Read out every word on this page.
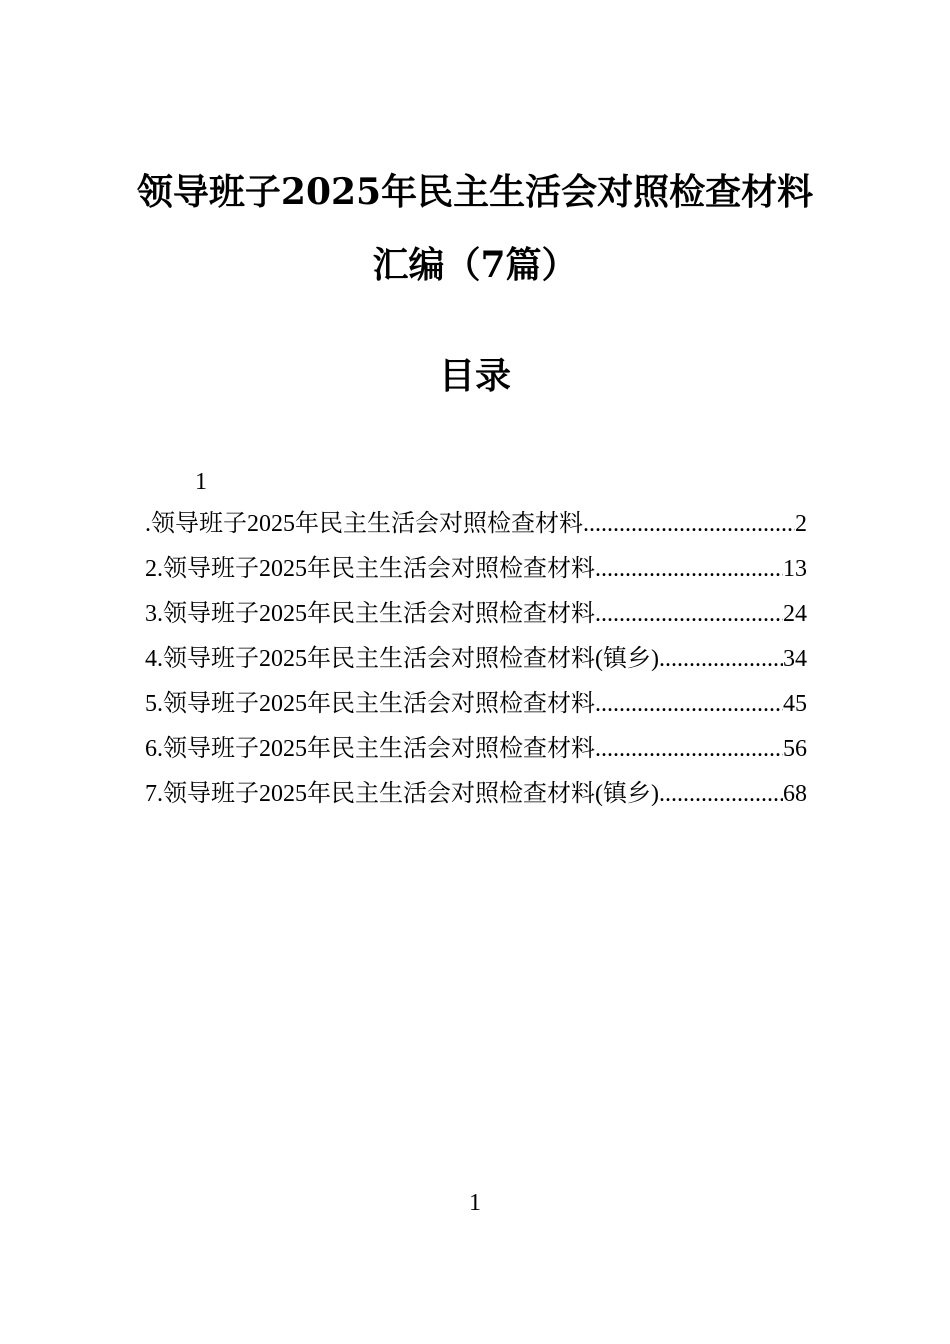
领导班子2025年民主生活会对照检查材料
汇编（7篇）
目录
1
.领导班子2025年民主生活会对照检查材料 .....	2
2.领导班子2025年民主生活会对照检查材料 .....	13
3.领导班子2025年民主生活会对照检查材料 .....	24
4.领导班子2025年民主生活会对照检查材料(镇乡) .....	34
5.领导班子2025年民主生活会对照检查材料 .....	45
6.领导班子2025年民主生活会对照检查材料 .....	56
7.领导班子2025年民主生活会对照检查材料(镇乡) .....	68
1
